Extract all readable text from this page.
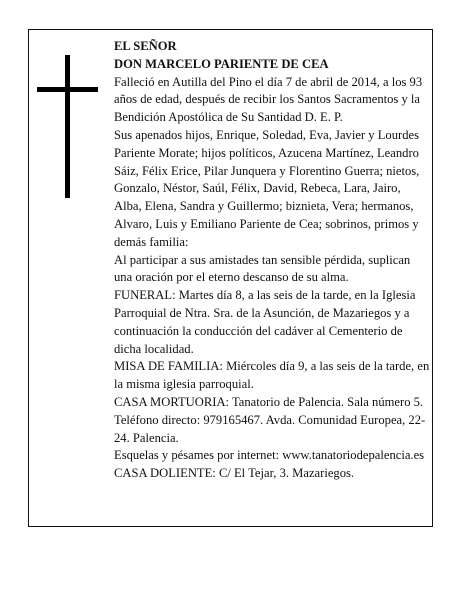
EL SEÑOR

DON MARCELO PARIENTE DE CEA

Falleció en Autilla del Pino el día 7 de abril de 2014, a los 93 años de edad, después de recibir los Santos Sacramentos y la Bendición Apostólica de Su Santidad D. E. P.

Sus apenados hijos, Enrique, Soledad, Eva, Javier y Lourdes Pariente Morate; hijos políticos, Azucena Martínez, Leandro Sáiz, Félix Erice, Pilar Junquera y Florentino Guerra; nietos, Gonzalo, Néstor, Saúl, Félix, David, Rebeca, Lara, Jairo, Alba, Elena, Sandra y Guillermo; biznieta, Vera; hermanos, Alvaro, Luis y Emiliano Pariente de Cea; sobrinos, primos y demás familia:

Al participar a sus amistades tan sensible pérdida, suplican una oración por el eterno descanso de su alma.

FUNERAL: Martes día 8, a las seis de la tarde, en la Iglesia Parroquial de Ntra. Sra. de la Asunción, de Mazariegos y a continuación la conducción del cadáver al Cementerio de dicha localidad.

MISA DE FAMILIA: Miércoles día 9, a las seis de la tarde, en la misma iglesia parroquial.

CASA MORTUORIA: Tanatorio de Palencia. Sala número 5. Teléfono directo: 979165467. Avda. Comunidad Europea, 22-24. Palencia.

Esquelas y pésames por internet: www.tanatoriodepalencia.es

CASA DOLIENTE: C/ El Tejar, 3. Mazariegos.
